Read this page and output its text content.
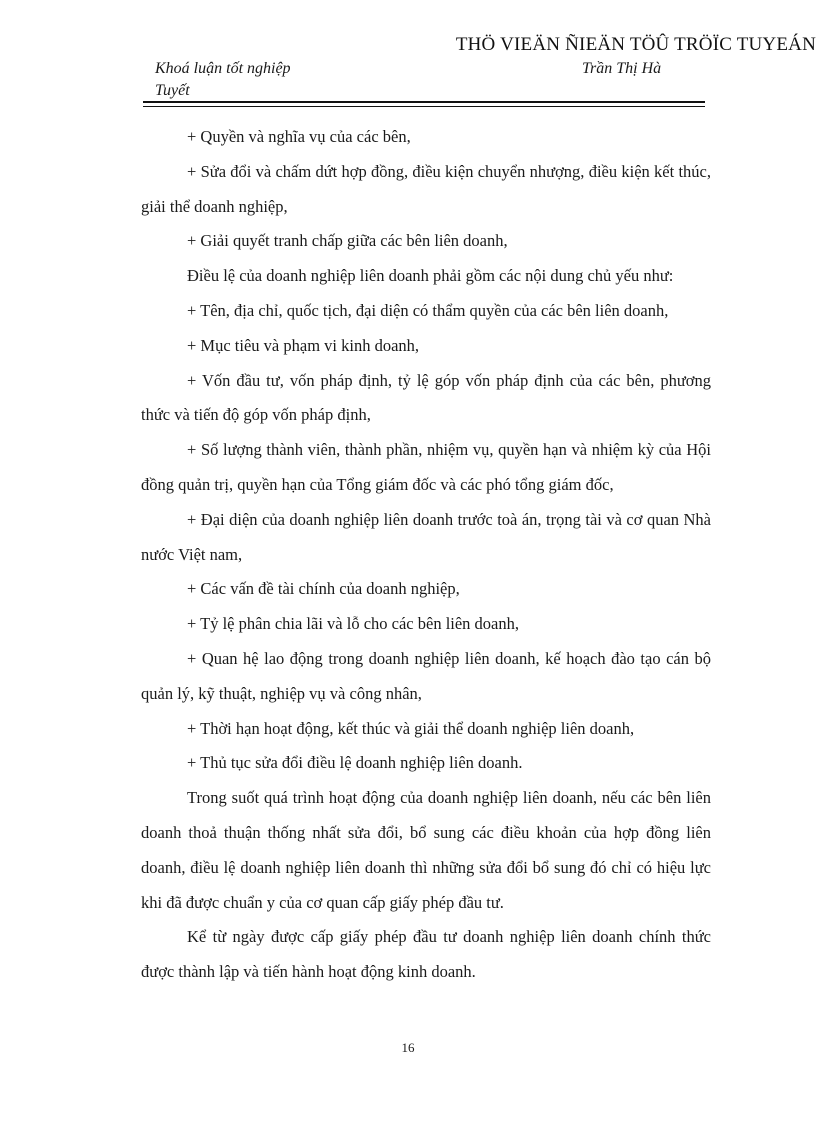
THÖ VIEÄN ÑIEÄN TÖÛ TRÖÏC TUYEÁN
Khoá luận tốt nghiệp	Trần Thị Hà
Tuyết

+ Quyền và nghĩa vụ của các bên,

+ Sửa đổi và chấm dứt hợp đồng, điều kiện chuyển nhượng, điều kiện kết thúc, giải thể doanh nghiệp,

+ Giải quyết tranh chấp giữa các bên liên doanh,

Điều lệ của doanh nghiệp liên doanh phải gồm các nội dung chủ yếu như:

+ Tên, địa chỉ, quốc tịch, đại diện có thẩm quyền của các bên liên doanh,

+ Mục tiêu và phạm vi kinh doanh,

+ Vốn đầu tư, vốn pháp định, tỷ lệ góp vốn pháp định của các bên, phương thức và tiến độ góp vốn pháp định,

+ Số lượng thành viên, thành phần, nhiệm vụ, quyền hạn và nhiệm kỳ của Hội đồng quản trị, quyền hạn của Tổng giám đốc và các phó tổng giám đốc,

+ Đại diện của doanh nghiệp liên doanh trước toà án, trọng tài và cơ quan Nhà nước Việt nam,

+ Các vấn đề tài chính của doanh nghiệp,

+ Tỷ lệ phân chia lãi và lỗ cho các bên liên doanh,

+ Quan hệ lao động trong doanh nghiệp liên doanh, kế hoạch đào tạo cán bộ quản lý, kỹ thuật, nghiệp vụ và công nhân,

+ Thời hạn hoạt động, kết thúc và giải thể doanh nghiệp liên doanh,

+ Thủ tục sửa đổi điều lệ doanh nghiệp liên doanh.

Trong suốt quá trình hoạt động của doanh nghiệp liên doanh, nếu các bên liên doanh thoả thuận thống nhất sửa đổi, bổ sung các điều khoản của hợp đồng liên doanh, điều lệ doanh nghiệp liên doanh thì những sửa đổi bổ sung đó chỉ có hiệu lực khi đã được chuẩn y của cơ quan cấp giấy phép đầu tư.

Kể từ ngày được cấp giấy phép đầu tư doanh nghiệp liên doanh chính thức được thành lập và tiến hành hoạt động kinh doanh.

16
